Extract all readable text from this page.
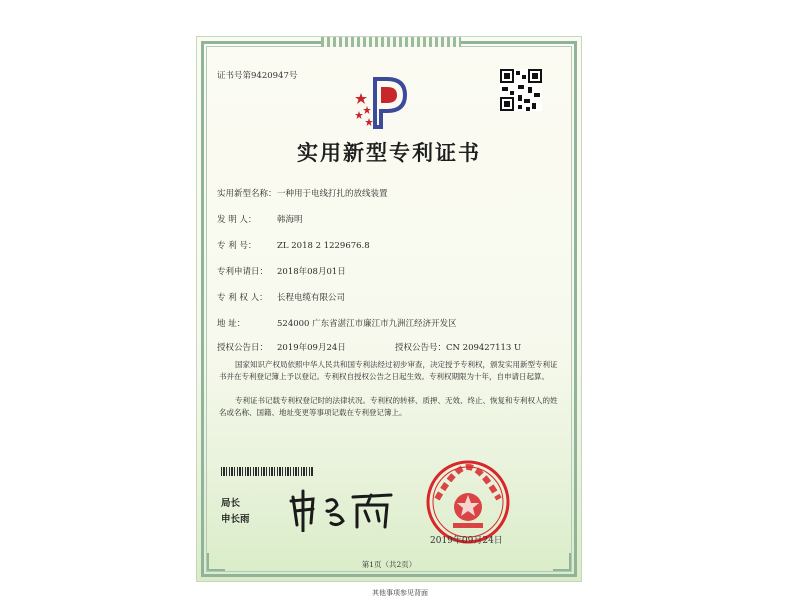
证书号第9420947号
实用新型专利证书
实用新型名称：一种用于电线打扎的放线装置
发 明 人： 韩海明
专 利 号： ZL 2018 2 1229676.8
专利申请日： 2018年08月01日
专 利 权 人： 长程电缆有限公司
地 址：	524000 广东省湛江市廉江市九洲江经济开发区
授权公告日： 2019年09月24日	授权公告号：CN 209427113 U
国家知识产权局依照中华人民共和国专利法经过初步审查，决定授予专利权，颁发实用新型专利证书并在专利登记簿上予以登记。专利权自授权公告之日起生效。专利权期限为十年，自申请日起算。
专利证书记载专利权登记时的法律状况。专利权的转移、质押、无效、终止、恢复和专利权人的姓名或名称、国籍、地址变更等事项记载在专利登记簿上。
局长
申长雨
2019年09月24日
第1页（共2页）
其他事项参见背面
